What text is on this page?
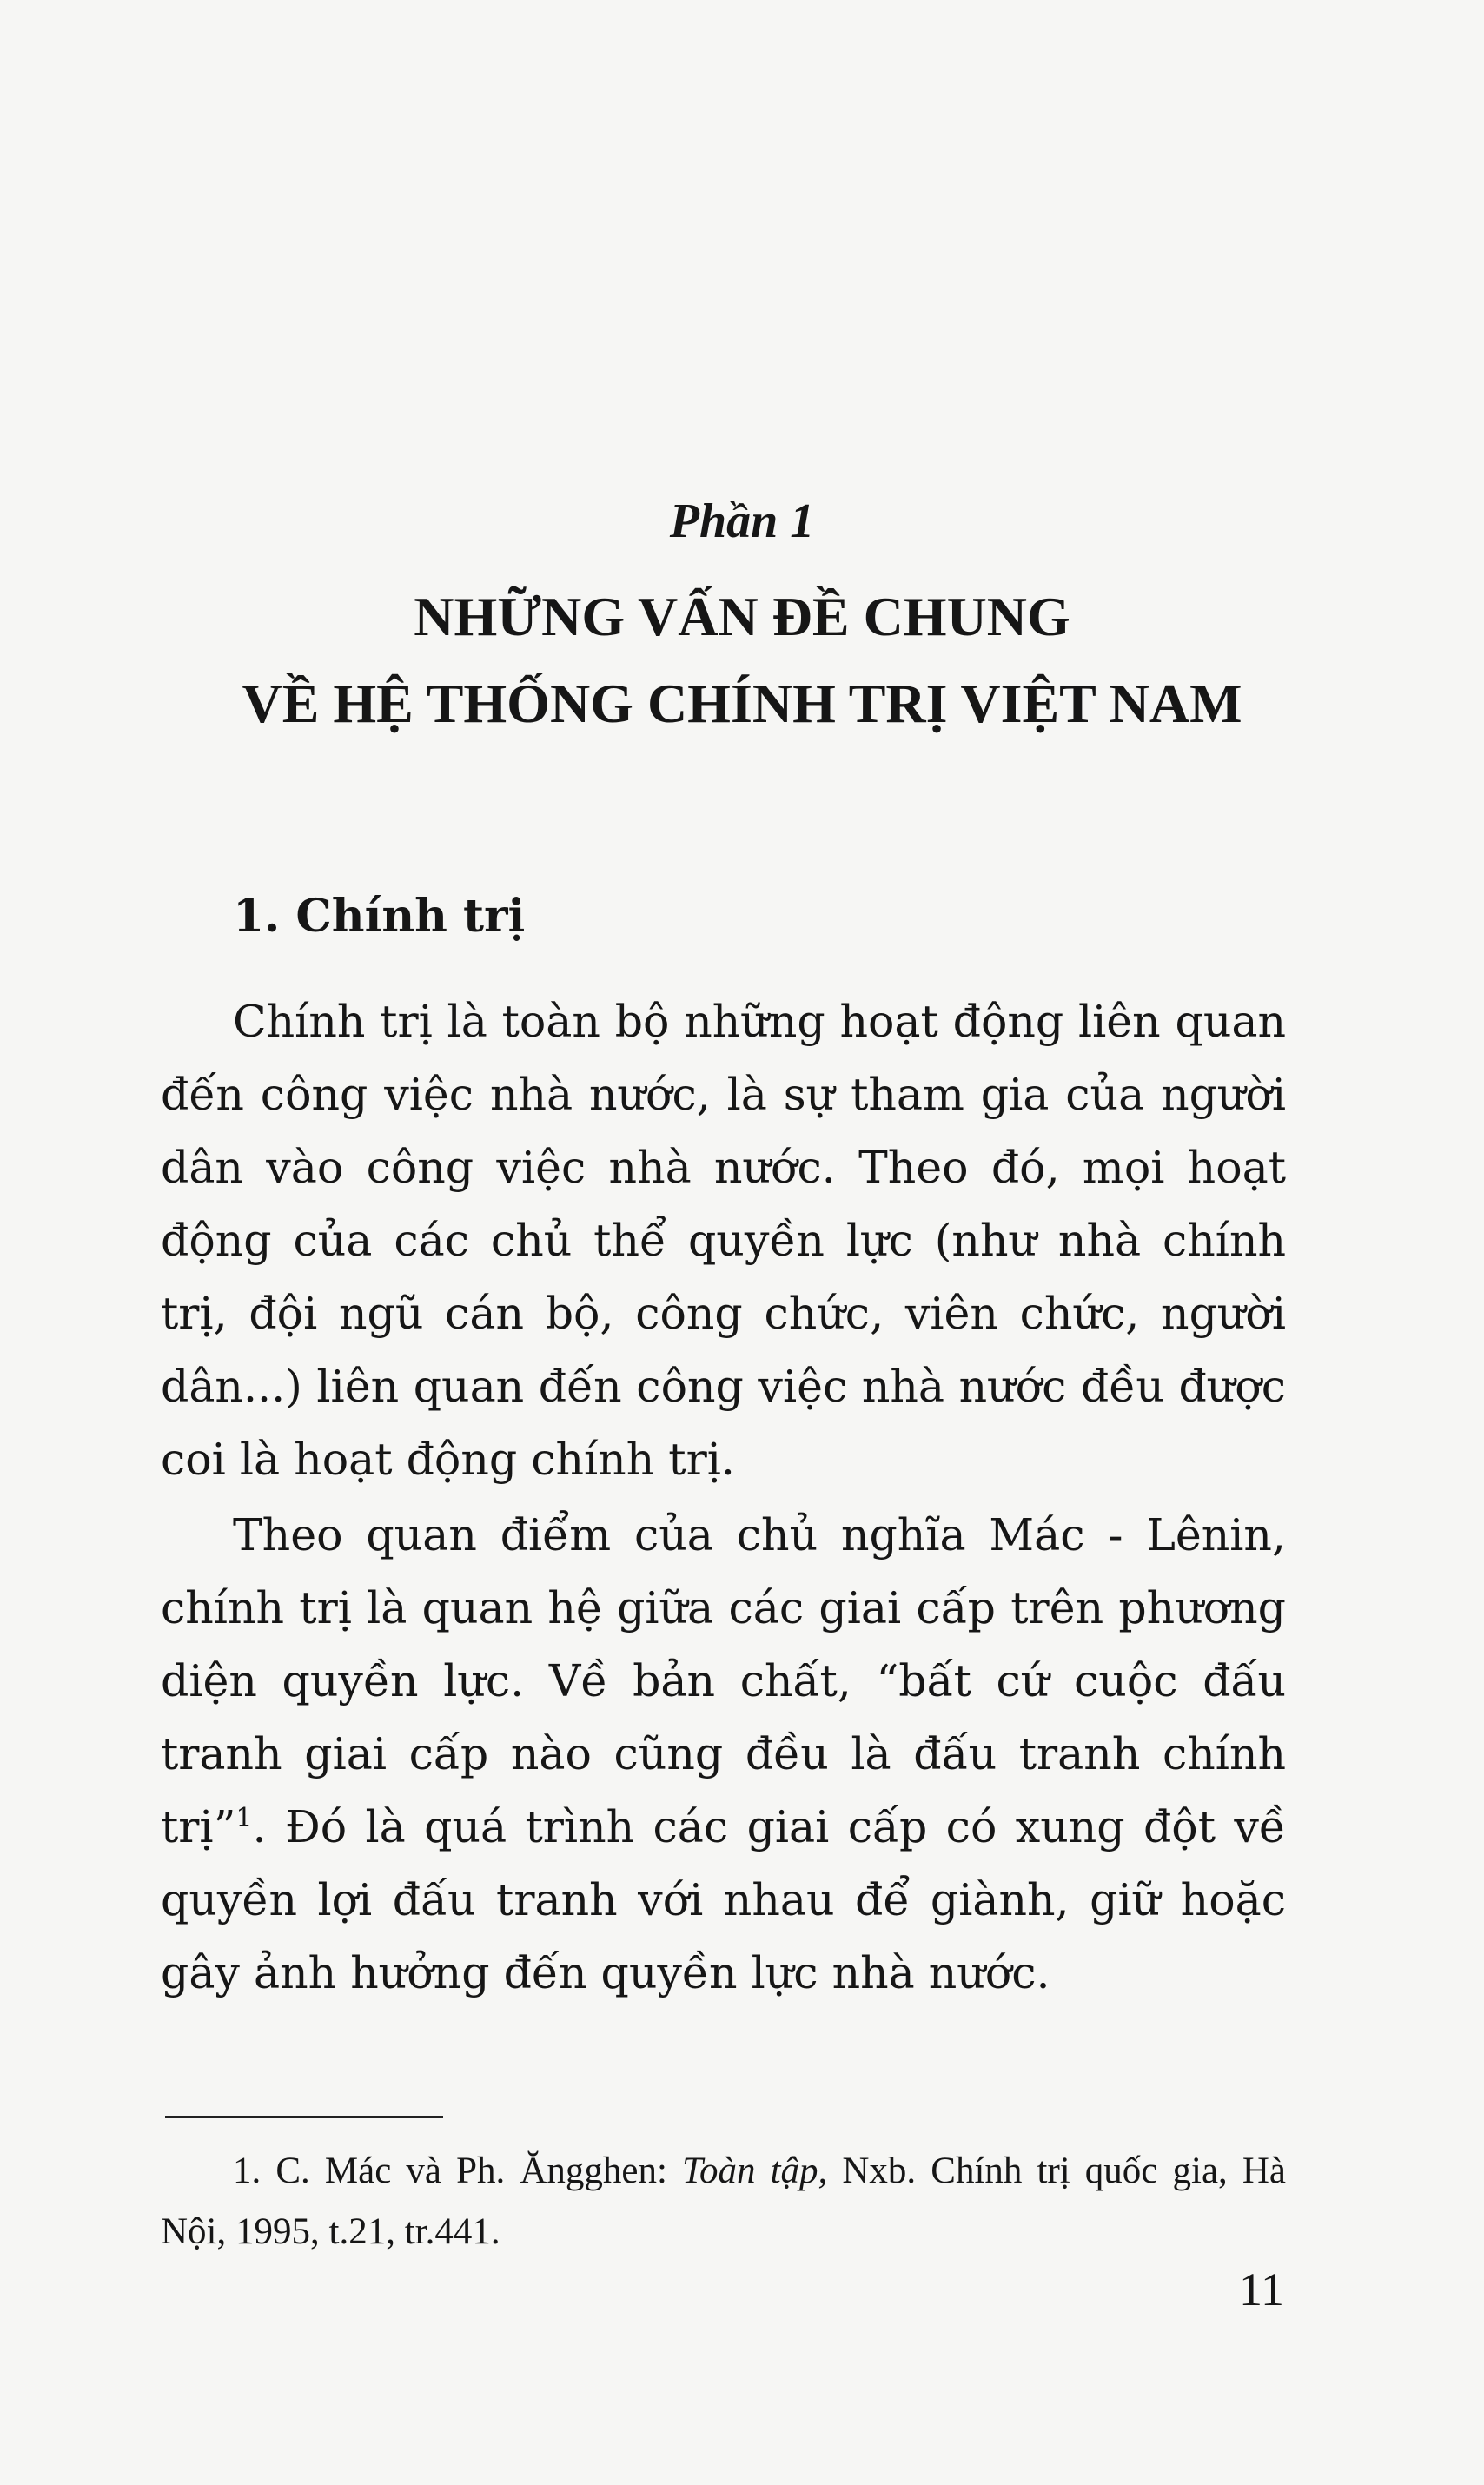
Phần 1

NHỮNG VẤN ĐỀ CHUNG
VỀ HỆ THỐNG CHÍNH TRỊ VIỆT NAM
1. Chính trị

Chính trị là toàn bộ những hoạt động liên quan đến công việc nhà nước, là sự tham gia của người dân vào công việc nhà nước. Theo đó, mọi hoạt động của các chủ thể quyền lực (như nhà chính trị, đội ngũ cán bộ, công chức, viên chức, người dân...) liên quan đến công việc nhà nước đều được coi là hoạt động chính trị.

Theo quan điểm của chủ nghĩa Mác - Lênin, chính trị là quan hệ giữa các giai cấp trên phương diện quyền lực. Về bản chất, “bất cứ cuộc đấu tranh giai cấp nào cũng đều là đấu tranh chính trị”$^1$. Đó là quá trình các giai cấp có xung đột về quyền lợi đấu tranh với nhau để giành, giữ hoặc gây ảnh hưởng đến quyền lực nhà nước.

1. C. Mác và Ph. Ăngghen: Toàn tập, Nxb. Chính trị quốc gia, Hà Nội, 1995, t.21, tr.441.

11
